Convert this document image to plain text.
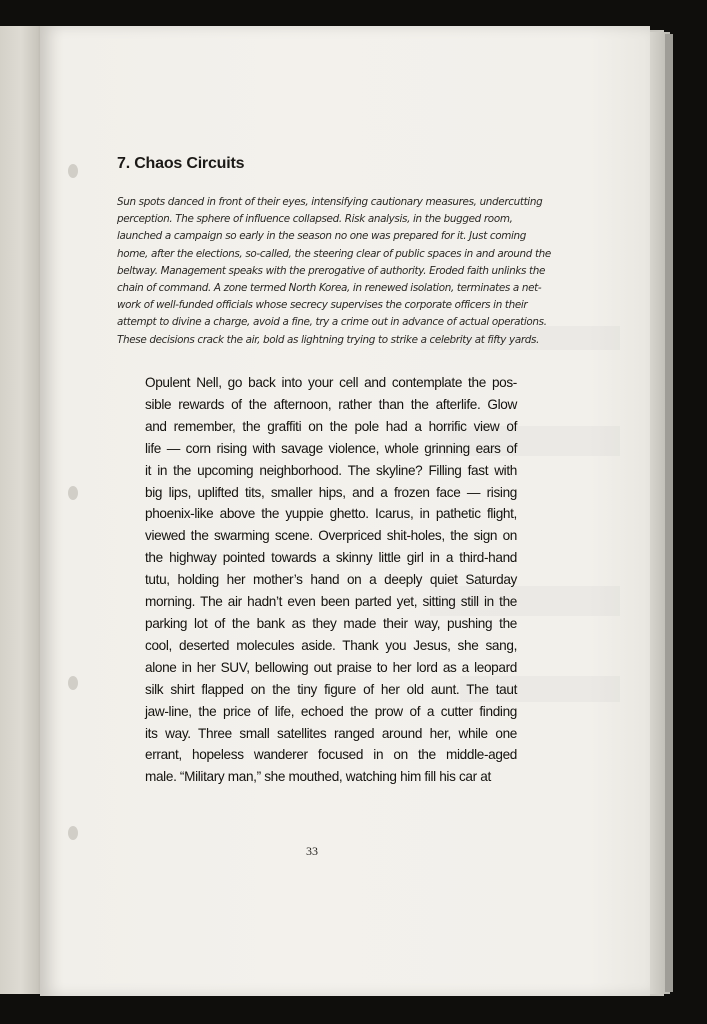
7. Chaos Circuits
Sun spots danced in front of their eyes, intensifying cautionary measures, undercutting
perception. The sphere of influence collapsed. Risk analysis, in the bugged room,
launched a campaign so early in the season no one was prepared for it. Just coming
home, after the elections, so-called, the steering clear of public spaces in and around the
beltway. Management speaks with the prerogative of authority. Eroded faith unlinks the
chain of command. A zone termed North Korea, in renewed isolation, terminates a net-
work of well-funded officials whose secrecy supervises the corporate officers in their
attempt to divine a charge, avoid a fine, try a crime out in advance of actual operations.
These decisions crack the air, bold as lightning trying to strike a celebrity at fifty yards.
Opulent Nell, go back into your cell and contemplate the pos-
sible rewards of the afternoon, rather than the afterlife. Glow
and remember, the graffiti on the pole had a horrific view of
life — corn rising with savage violence, whole grinning ears of
it in the upcoming neighborhood. The skyline? Filling fast with
big lips, uplifted tits, smaller hips, and a frozen face — rising
phoenix-like above the yuppie ghetto. Icarus, in pathetic flight,
viewed the swarming scene. Overpriced shit-holes, the sign on
the highway pointed towards a skinny little girl in a third-hand
tutu, holding her mother’s hand on a deeply quiet Saturday
morning. The air hadn’t even been parted yet, sitting still in the
parking lot of the bank as they made their way, pushing the
cool, deserted molecules aside. Thank you Jesus, she sang,
alone in her SUV, bellowing out praise to her lord as a leopard
silk shirt flapped on the tiny figure of her old aunt. The taut
jaw-line, the price of life, echoed the prow of a cutter finding
its way. Three small satellites ranged around her, while one
errant, hopeless wanderer focused in on the middle-aged
male. “Military man,” she mouthed, watching him fill his car at
33
